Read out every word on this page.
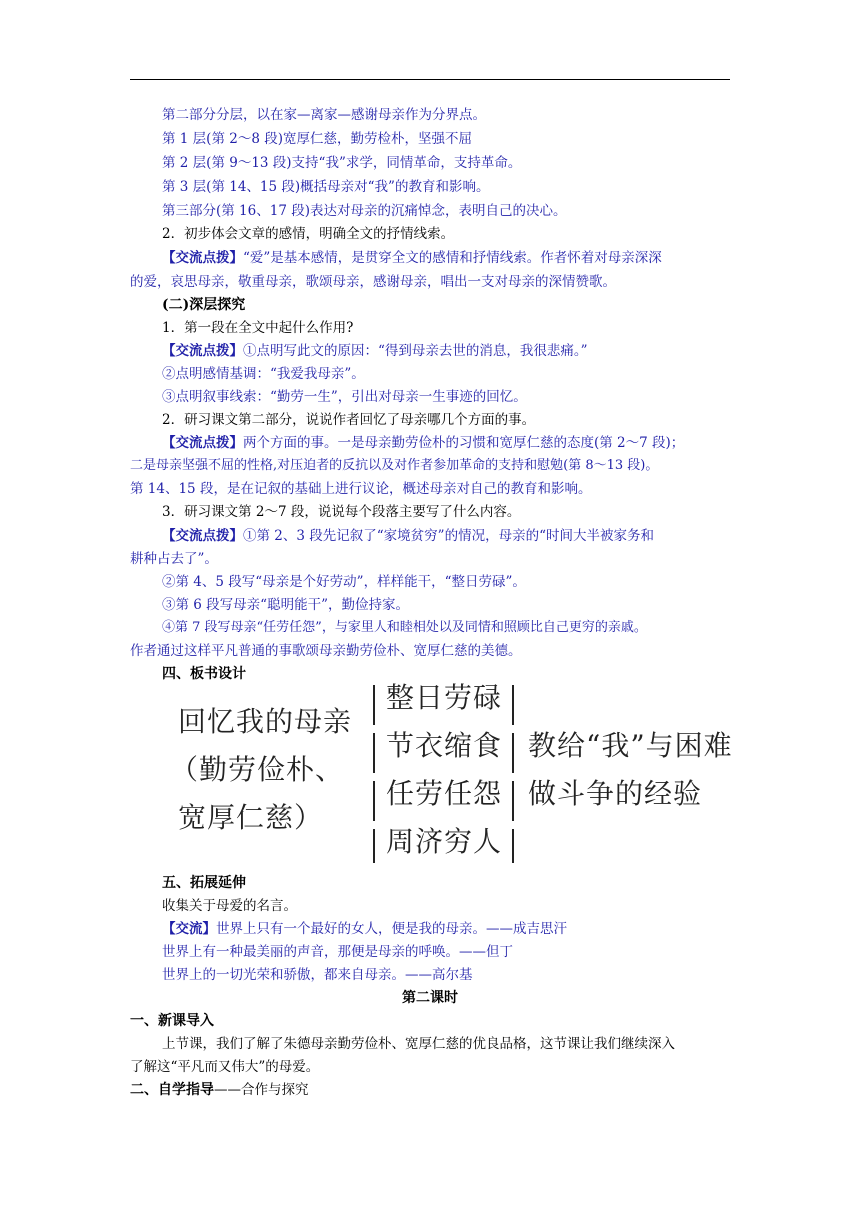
第二部分分层，以在家—离家—感谢母亲作为分界点。
第 1 层(第 2～8 段)宽厚仁慈，勤劳检朴，坚强不屈
第 2 层(第 9～13 段)支持“我”求学，同情革命，支持革命。
第 3 层(第 14、15 段)概括母亲对“我”的教育和影响。
第三部分(第 16、17 段)表达对母亲的沉痛悼念，表明自己的决心。
2．初步体会文章的感情，明确全文的抒情线索。
【交流点拨】“爱”是基本感情，是贯穿全文的感情和抒情线索。作者怀着对母亲深深
的爱，哀思母亲，敬重母亲，歌颂母亲，感谢母亲，唱出一支对母亲的深情赞歌。
(二)深层探究
1．第一段在全文中起什么作用?
【交流点拨】①点明写此文的原因：“得到母亲去世的消息，我很悲痛。”
②点明感情基调：“我爱我母亲”。
③点明叙事线索：“勤劳一生”，引出对母亲一生事迹的回忆。
2．研习课文第二部分，说说作者回忆了母亲哪几个方面的事。
【交流点拨】两个方面的事。一是母亲勤劳俭朴的习惯和宽厚仁慈的态度(第 2～7 段)；
二是母亲坚强不屈的性格,对压迫者的反抗以及对作者参加革命的支持和慰勉(第 8～13 段)。
第 14、15 段，是在记叙的基础上进行议论，概述母亲对自己的教育和影响。
3．研习课文第 2～7 段，说说每个段落主要写了什么内容。
【交流点拨】①第 2、3 段先记叙了“家境贫穷”的情况，母亲的“时间大半被家务和
耕种占去了”。
②第 4、5 段写“母亲是个好劳动”，样样能干，“整日劳碌”。
③第 6 段写母亲“聪明能干”，勤俭持家。
④第 7 段写母亲“任劳任怨”，与家里人和睦相处以及同情和照顾比自己更穷的亲戚。
作者通过这样平凡普通的事歌颂母亲勤劳俭朴、宽厚仁慈的美德。
四、板书设计
回忆我的母亲
（勤劳俭朴、
宽厚仁慈）
整日劳碌
节衣缩食
任劳任怨
周济穷人
教给“我”与困难
做斗争的经验
五、拓展延伸
收集关于母爱的名言。
【交流】世界上只有一个最好的女人，便是我的母亲。——成吉思汗
世界上有一种最美丽的声音，那便是母亲的呼唤。——但丁
世界上的一切光荣和骄傲，都来自母亲。——高尔基
第二课时
一、新课导入
上节课，我们了解了朱德母亲勤劳俭朴、宽厚仁慈的优良品格，这节课让我们继续深入
了解这“平凡而又伟大”的母爱。
二、自学指导——合作与探究
